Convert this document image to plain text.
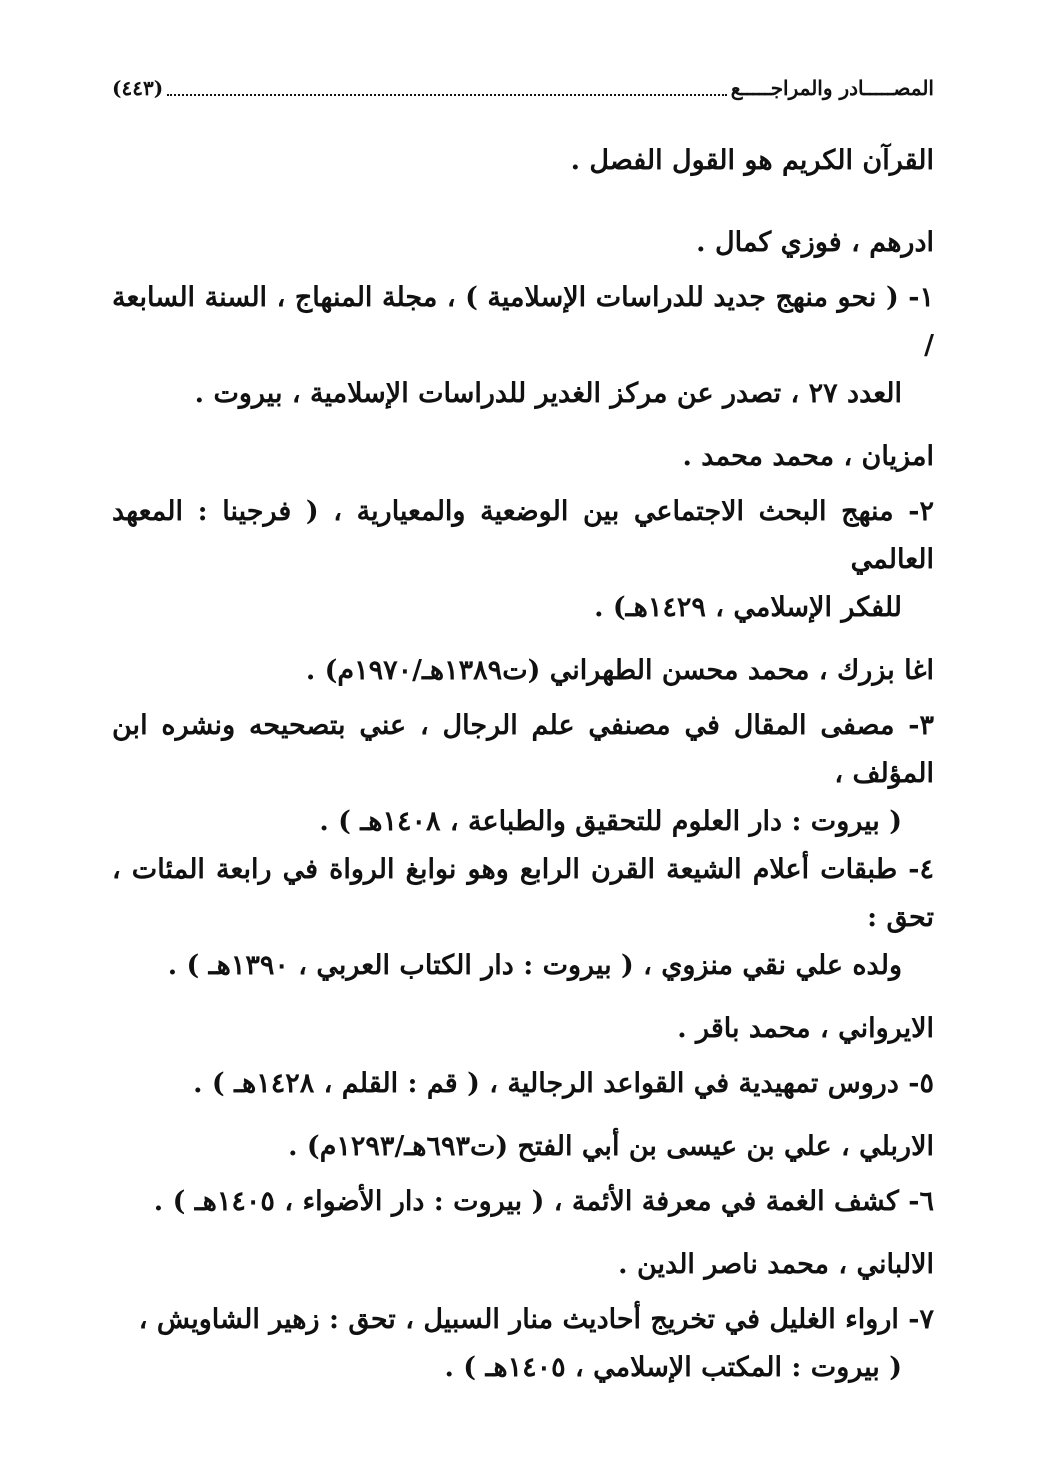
المصـــــادر والمراجـــــع
(٤٤٣)
القرآن الكريم هو القول الفصل .
ادرهم ، فوزي كمال .
١- ( نحو منهج جديد للدراسات الإسلامية ) ، مجلة المنهاج ، السنة السابعة /
العدد ٢٧ ، تصدر عن مركز الغدير للدراسات الإسلامية ، بيروت .
امزيان ، محمد محمد .
٢- منهج البحث الاجتماعي بين الوضعية والمعيارية ، ( فرجينا : المعهد العالمي
للفكر الإسلامي ، ١٤٢٩هـ) .
اغا بزرك ، محمد محسن الطهراني (ت١٣٨٩هـ/١٩٧٠م) .
٣- مصفى المقال في مصنفي علم الرجال ، عني بتصحيحه ونشره ابن المؤلف ،
( بيروت : دار العلوم للتحقيق والطباعة ، ١٤٠٨هـ ) .
٤- طبقات أعلام الشيعة القرن الرابع وهو نوابغ الرواة في رابعة المئات ، تحق :
ولده علي نقي منزوي ، ( بيروت : دار الكتاب العربي ، ١٣٩٠هـ ) .
الايرواني ، محمد باقر .
٥- دروس تمهيدية في القواعد الرجالية ، ( قم : القلم ، ١٤٢٨هـ ) .
الاربلي ، علي بن عيسى بن أبي الفتح (ت٦٩٣هـ/١٢٩٣م) .
٦- كشف الغمة في معرفة الأئمة ، ( بيروت : دار الأضواء ، ١٤٠٥هـ ) .
الالباني ، محمد ناصر الدين .
٧- ارواء الغليل في تخريج أحاديث منار السبيل ، تحق : زهير الشاويش ،
( بيروت : المكتب الإسلامي ، ١٤٠٥هـ ) .
